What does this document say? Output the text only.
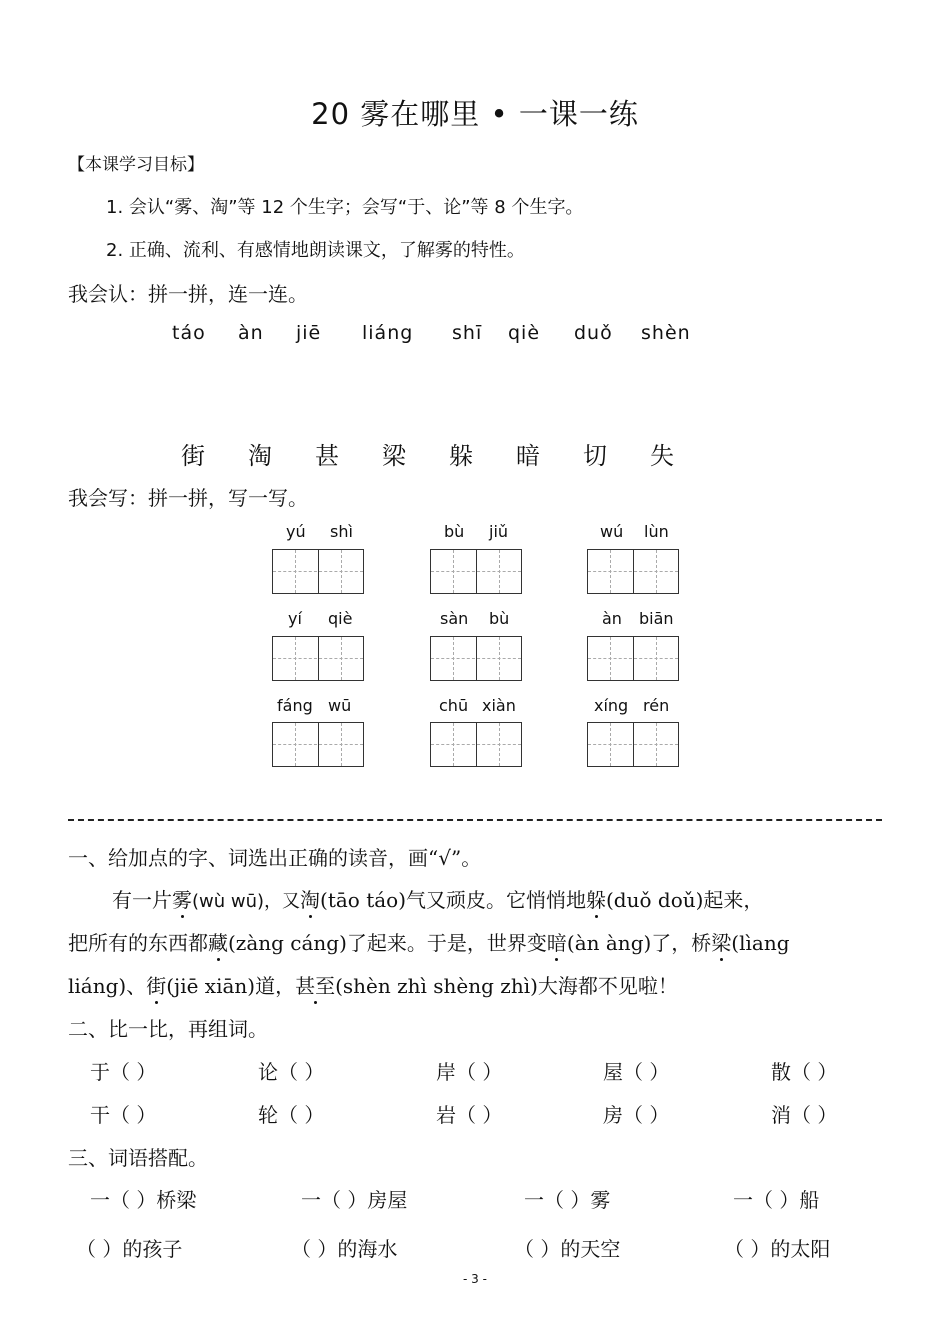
20 雾在哪里 • 一课一练
【本课学习目标】
1. 会认“雾、淘”等 12 个生字；会写“于、论”等 8 个生字。
2. 正确、流利、有感情地朗读课文，了解雾的特性。
我会认：拼一拼，连一连。
táo àn jiē liáng shī qiè duǒ shèn
街 淘 甚 梁 躲 暗 切 失
我会写：拼一拼，写一写。
yú shì	bù jiǔ	wú lùn
yí qiè	sàn bù	àn biān
fáng wū	chū xiàn	xíng rén
一、给加点的字、词选出正确的读音，画“√”。
有一片雾(wù wū)，又淘(tāo táo)气又顽皮。它悄悄地躲(duǒ doǔ)起来，
把所有的东西都藏(zàng cáng)了起来。于是，世界变暗(àn àng)了，桥梁(lìang
liáng)、街(jiē xiān)道，甚至(shèn zhì shèng zhì)大海都不见啦！
二、比一比，再组词。
于（ ）	论（ ）	岸（ ）	屋（ ）	散（ ）
干（ ）	轮（ ）	岩（ ）	房（ ）	消（ ）
三、词语搭配。
一（ ）桥梁	一（ ）房屋	一（ ）雾	一（ ）船
（ ）的孩子	（ ）的海水	（ ）的天空	（ ）的太阳
- 3 -
